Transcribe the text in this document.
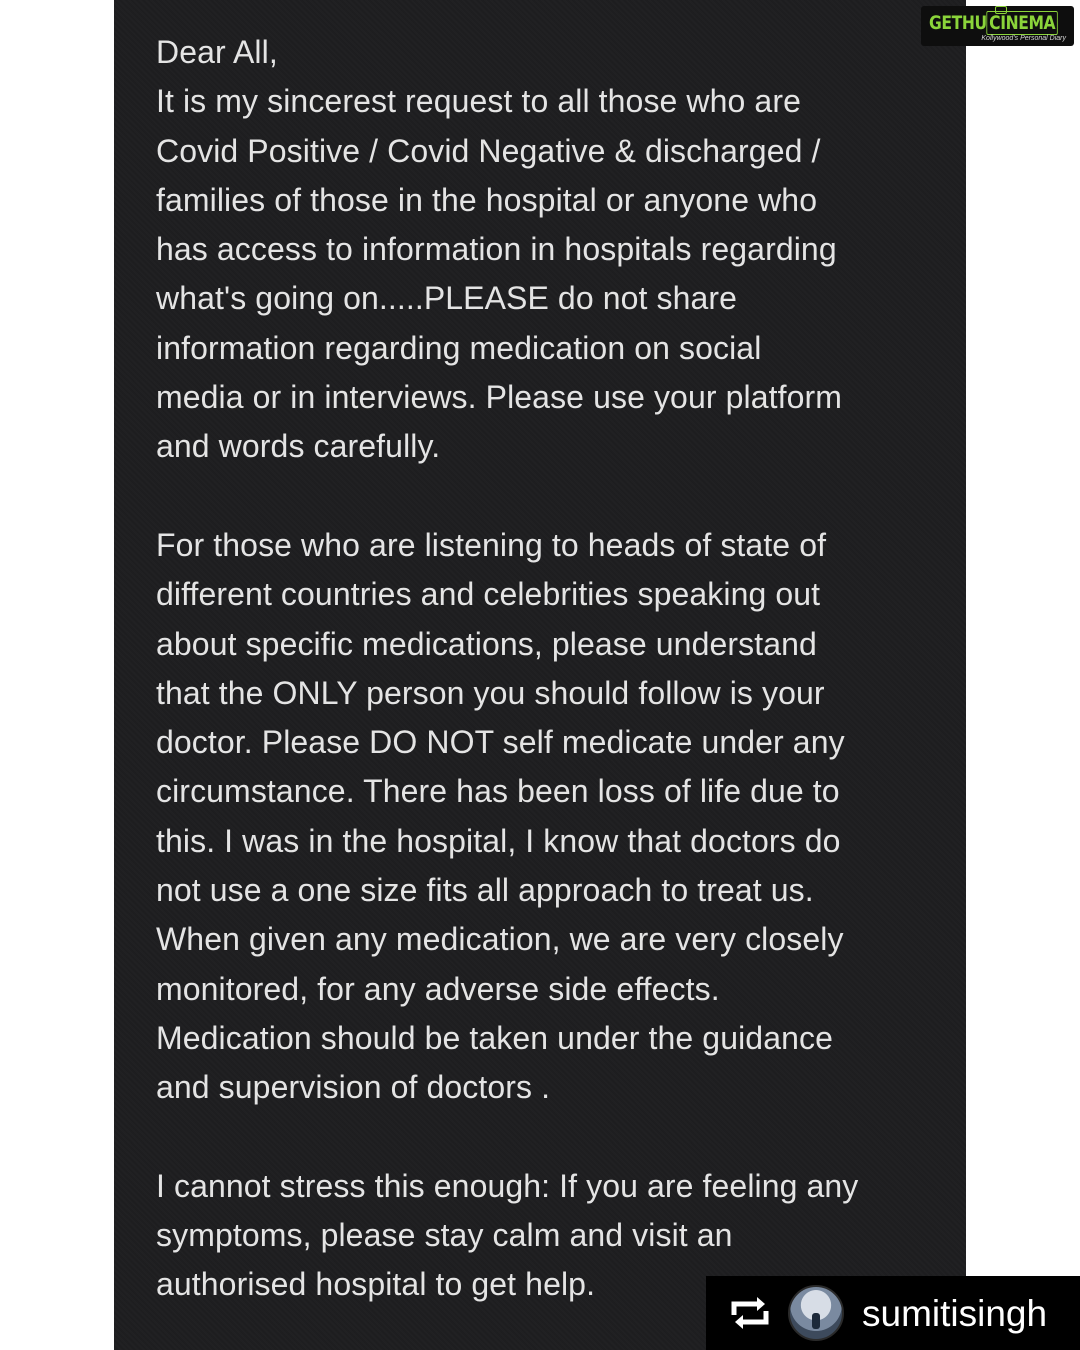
Dear All,
It is my sincerest request to all those who are
Covid Positive / Covid Negative & discharged /
families of those in the hospital or anyone who
has access to information in hospitals regarding
what's going on.....PLEASE do not share
information regarding medication on social
media or in interviews. Please use your platform
and words carefully.

For those who are listening to heads of state of
different countries and celebrities speaking out
about specific medications, please understand
that the ONLY person you should follow is your
doctor. Please DO NOT self medicate under any
circumstance. There has been loss of life due to
this. I was in the hospital, I know that doctors do
not use a one size fits all approach to treat us.
When given any medication, we are very closely
monitored, for any adverse side effects.
Medication should be taken under the guidance
and supervision of doctors .

I cannot stress this enough: If you are feeling any
symptoms, please stay calm and visit an
authorised hospital to get help.

GETHU CINEMA
Kollywood's Personal Diary
sumitisingh
